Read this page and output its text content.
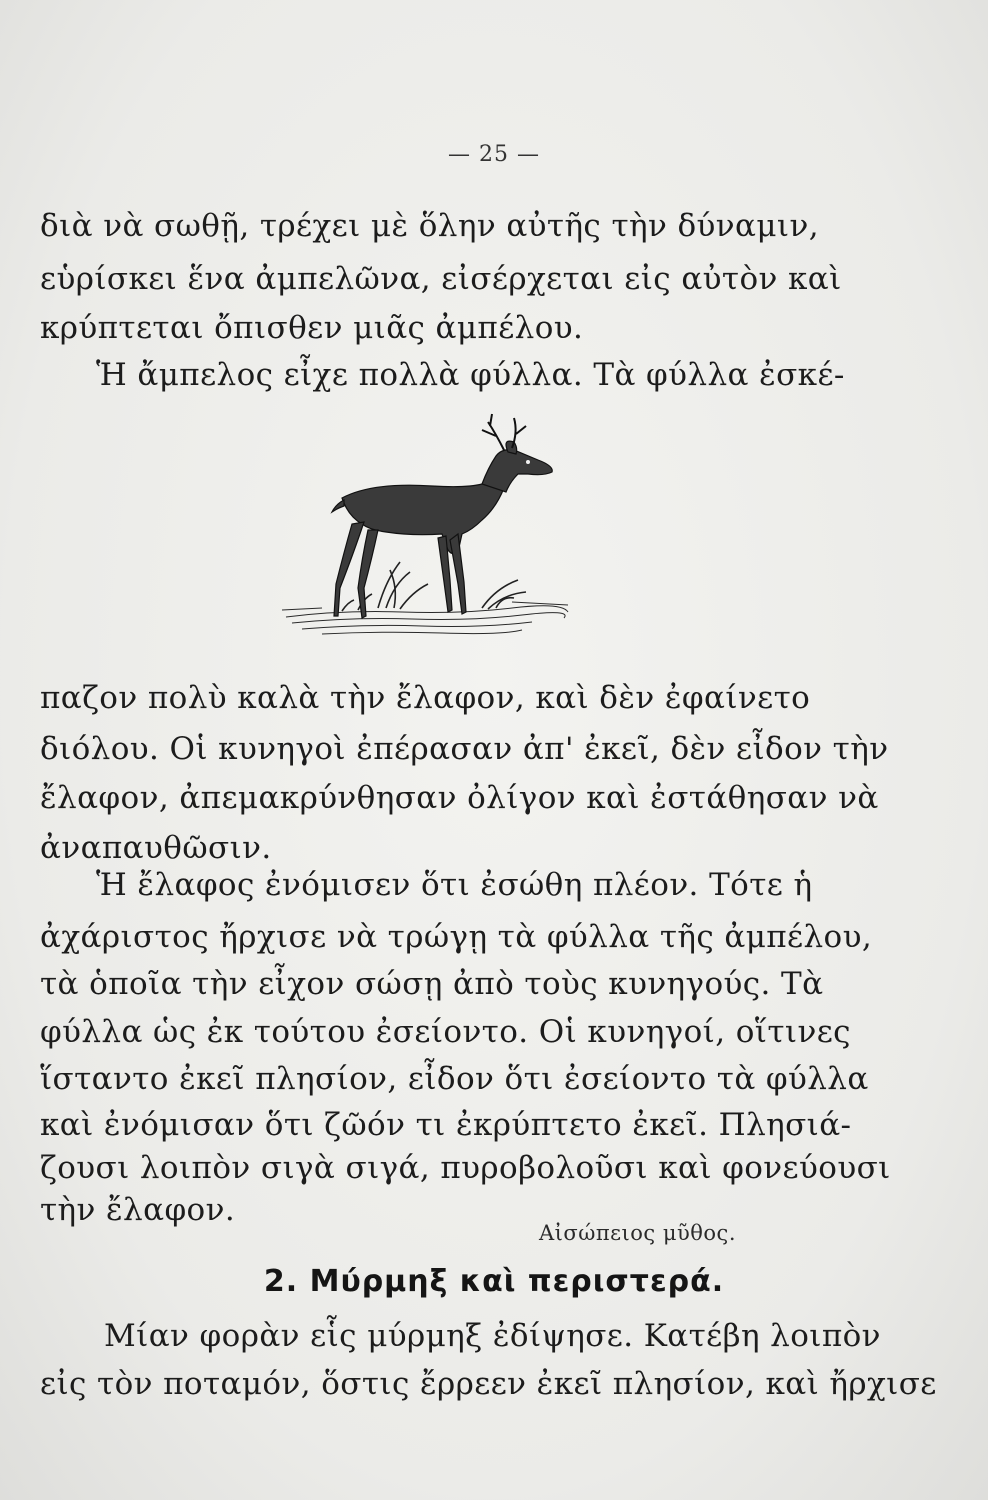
— 25 —
διὰ νὰ σωθῇ, τρέχει μὲ ὅλην αὐτῆς τὴν δύναμιν,
εὑρίσκει ἕνα ἀμπελῶνα, εἰσέρχεται εἰς αὐτὸν καὶ
κρύπτεται ὄπισθεν μιᾶς ἀμπέλου.
Ἡ ἄμπελος εἶχε πολλὰ φύλλα. Τὰ φύλλα ἐσκέ-
παζον πολὺ καλὰ τὴν ἔλαφον, καὶ δὲν ἐφαίνετο
διόλου. Οἱ κυνηγοὶ ἐπέρασαν ἀπ' ἐκεῖ, δὲν εἶδον τὴν
ἔλαφον, ἀπεμακρύνθησαν ὀλίγον καὶ ἐστάθησαν νὰ
ἀναπαυθῶσιν.
Ἡ ἔλαφος ἐνόμισεν ὅτι ἐσώθη πλέον. Τότε ἡ
ἀχάριστος ἤρχισε νὰ τρώγῃ τὰ φύλλα τῆς ἀμπέλου,
τὰ ὁποῖα τὴν εἶχον σώσῃ ἀπὸ τοὺς κυνηγούς. Τὰ
φύλλα ὡς ἐκ τούτου ἐσείοντο. Οἱ κυνηγοί, οἵτινες
ἵσταντο ἐκεῖ πλησίον, εἶδον ὅτι ἐσείοντο τὰ φύλλα
καὶ ἐνόμισαν ὅτι ζῶόν τι ἐκρύπτετο ἐκεῖ. Πλησιά-
ζουσι λοιπὸν σιγὰ σιγά, πυροβολοῦσι καὶ φονεύουσι
τὴν ἔλαφον.
Αἰσώπειος μῦθος.
2. Μύρμηξ καὶ περιστερά.
Μίαν φορὰν εἷς μύρμηξ ἐδίψησε. Κατέβη λοιπὸν
εἰς τὸν ποταμόν, ὅστις ἔρρεεν ἐκεῖ πλησίον, καὶ ἤρχισε
